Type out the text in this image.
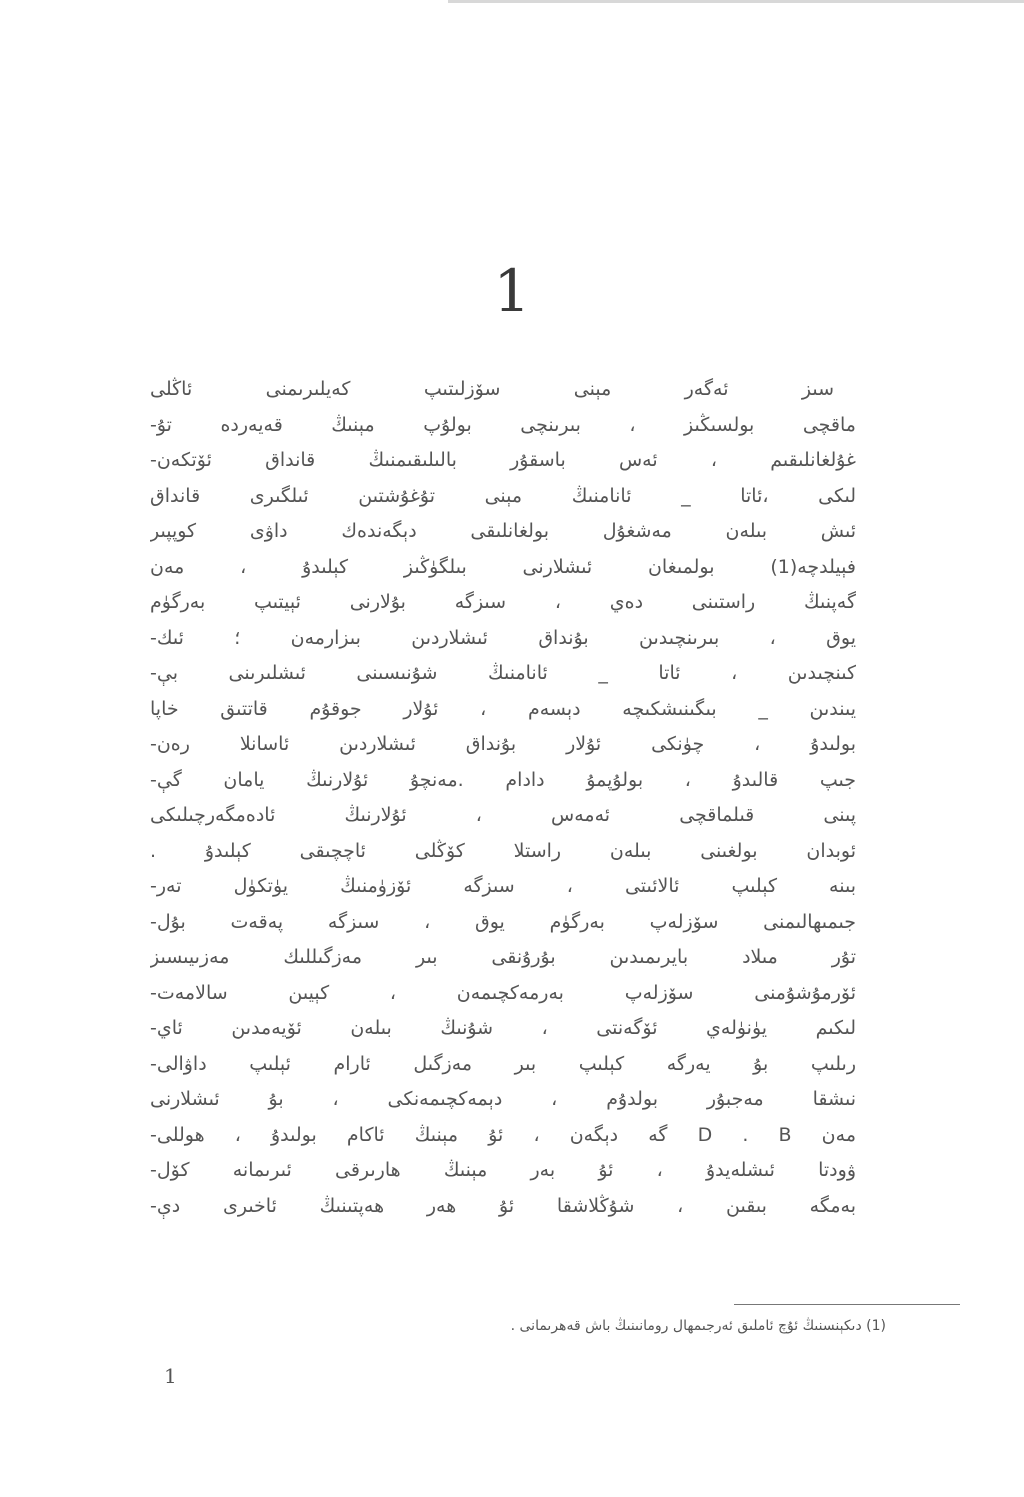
1
سىز ئەگەر مېنى سۆزلىتىپ كەيلىرىمنى ئاڭلى
ماقچى بولسىڭىز ، بىرىنچى بولۇپ مېنىڭ قەيەردە تۇ-
غۇلغانلىقىم ، ئەس باسقۇر بالىلىقىمنىڭ قانداق ئۆتكەن-
لىكى ،ئاتا _ ئانامنىڭ مېنى تۇغۇشتىن ئىلگىرى قانداق
ئىش بىلەن مەشغۇل بولغانلىقى دېگەندەك داۋى كوپپىر
فېيلدچە(1) بولمىغان ئىشلارنى بىلگۈڭىز كېلىدۇ ، مەن
گەپنىڭ راستىنى دەي ، سىزگە بۇلارنى ئېيتىپ بەرگۈم
يوق ، بىرىنچىدىن بۇنداق ئىشلاردىن بىزارمەن ؛ ئىك-
كىنچىدىن ، ئاتا _ ئانامنىڭ شۇنىسىنى ئىشلىرىنى بې-
يىندىن _ بىگىنىشكىچە دېسەم ، ئۇلار جوقۇم قاتتىق خاپا
بولىدۇ ، چۈنكى ئۇلار بۇنداق ئىشلاردىن ئاسانلا رەن-
جىپ قالىدۇ ، بولۇپمۇ دادام .مەنچۇ ئۇلارنىڭ يامان گې-
پىنى قىلماقچى ئەمەس ، ئۇلارنىڭ ئادەمگەرچىلىكى
ئوبدان بولغىنى بىلەن راستلا كۆڭلى ئاچچىقى كېلىدۇ .
بىنە كېلىپ ئالائىتى ، سىزگە ئۆزۈمنىڭ يۈتكۈل تەر-
جىمىھالىمنى سۆزلەپ بەرگۈم يوق ، سىزگە پەقەت بۇل-
تۇر مىلاد بايرىمىدىن بۇرۇنقى بىر مەزگىللىك مەزىيىسىز
ئۆرمۇشۇمنى سۆزلەپ بەرمەكچىمەن ، كېيىن سالامەت-
لىكىم يۈنۈلەي ئۆگەنتى ، شۇنىڭ بىلەن ئۆيەمدىن ئاي-
رىلىپ بۇ يەرگە كېلىپ بىر مەزگىل ئارام ئېلىپ داۋالى-
نىشقا مەجبۇر بولدۇم ، دېمەكچىمەنكى ، بۇ ئىشلارنى
مەن D . B گە دېگەن ، ئۇ مېنىڭ ئاكام بولىدۇ ، ھوللى-
ۋودتا ئىشلەيدۇ ، ئۇ بەر مېنىڭ ھارىرقى ئىرىمانە كۆل-
بەمگە بىقىن ، شۇڭلاشقا ئۇ ھەر ھەپتىنىڭ ئاخىرى دې-
(1) دىكېنسنىڭ ئۇچ ئاملىق ئەرجىمھال رومانىنىڭ باش قەھرىمانى .
1
